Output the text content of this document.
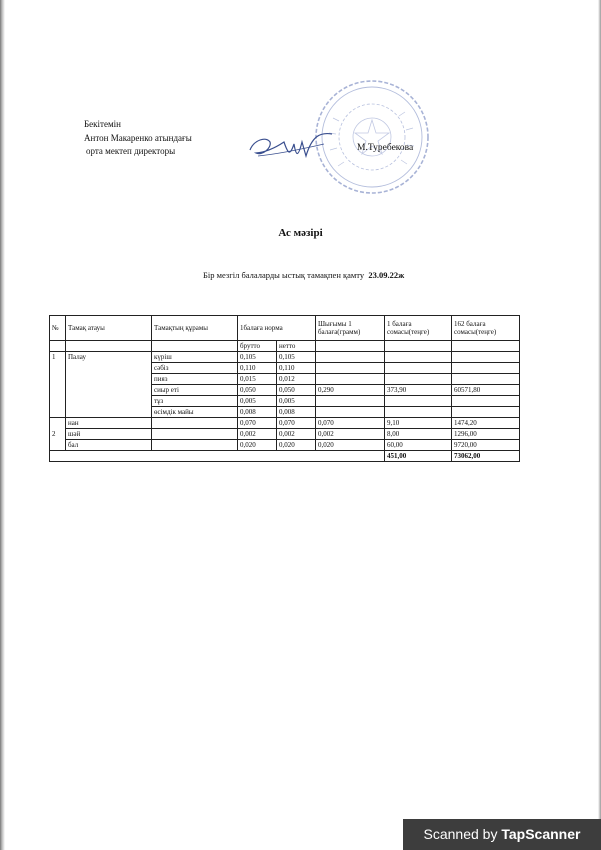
Бекітемін
Антон Макаренко атындағы
орта мектеп директоры	М.Туребекова
Ас мәзірі
Бір мезгіл балаларды ыстық тамақпен қамту 23.09.22ж
№	Тамақ атауы	Тамақтың құрамы	1балаға норма		Шығымы 1 балаға(грамм)	1 балаға сомасы(теңге)	162 балаға сомасы(теңге)
			брутто	нетто			
1	Палау	күріш	0,105	0,105			
		сәбіз	0,110	0,110			
		пияз	0,015	0,012			
		сиыр еті	0,050	0,050	0,290	373,90	60571,80
		тұз	0,005	0,005			
		өсімдік майы	0,008	0,008			
2	нан		0,070	0,070	0,070	9,10	1474,20
	шәй		0,002	0,002	0,002	8,00	1296,00
	бал		0,020	0,020	0,020	60,00	9720,00
						451,00	73062,00
Scanned by TapScanner
